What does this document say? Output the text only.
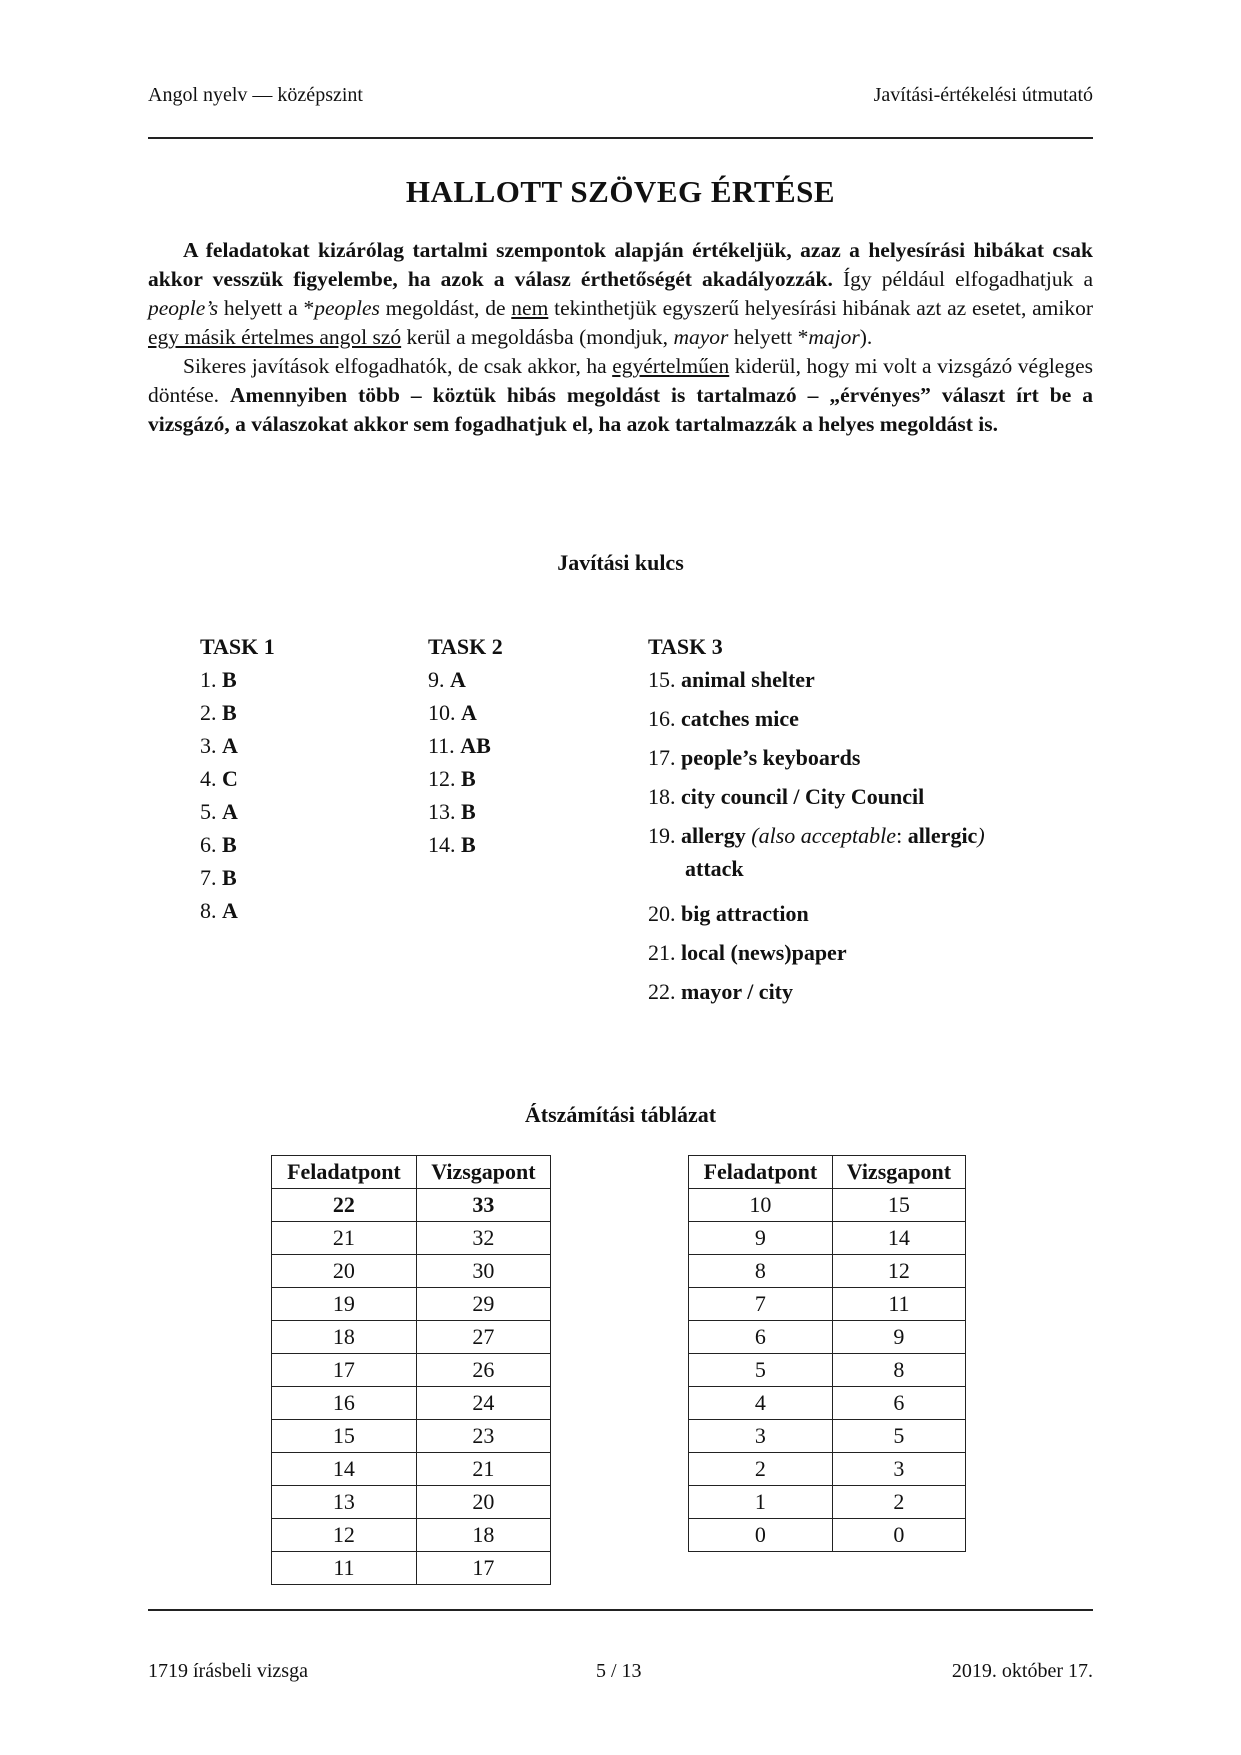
Angol nyelv — középszint	Javítási-értékelési útmutató
HALLOTT SZÖVEG ÉRTÉSE

A feladatokat kizárólag tartalmi szempontok alapján értékeljük, azaz a helyesírási hibákat csak akkor vesszük figyelembe, ha azok a válasz érthetőségét akadályozzák. Így például elfogadhatjuk a people’s helyett a *peoples megoldást, de nem tekinthetjük egyszerű helyesírási hibának azt az esetet, amikor egy másik értelmes angol szó kerül a megoldásba (mondjuk, mayor helyett *major).

Sikeres javítások elfogadhatók, de csak akkor, ha egyértelműen kiderül, hogy mi volt a vizsgázó végleges döntése. Amennyiben több – köztük hibás megoldást is tartalmazó – „érvényes” választ írt be a vizsgázó, a válaszokat akkor sem fogadhatjuk el, ha azok tartalmazzák a helyes megoldást is.

Javítási kulcs
TASK 1
1. B
2. B
3. A
4. C
5. A
6. B
7. B
8. A
TASK 2
9. A
10. A
11. AB
12. B
13. B
14. B
TASK 3
15. animal shelter
16. catches mice
17. people’s keyboards
18. city council / City Council
19. allergy (also acceptable: allergic)
attack
20. big attraction
21. local (news)paper
22. mayor / city
Átszámítási táblázat
Feladatpont	Vizsgapont
22	33
21	32
20	30
19	29
18	27
17	26
16	24
15	23
14	21
13	20
12	18
11	17
Feladatpont	Vizsgapont
10	15
9	14
8	12
7	11
6	9
5	8
4	6
3	5
2	3
1	2
0	0
1719 írásbeli vizsga	5 / 13	2019. október 17.
